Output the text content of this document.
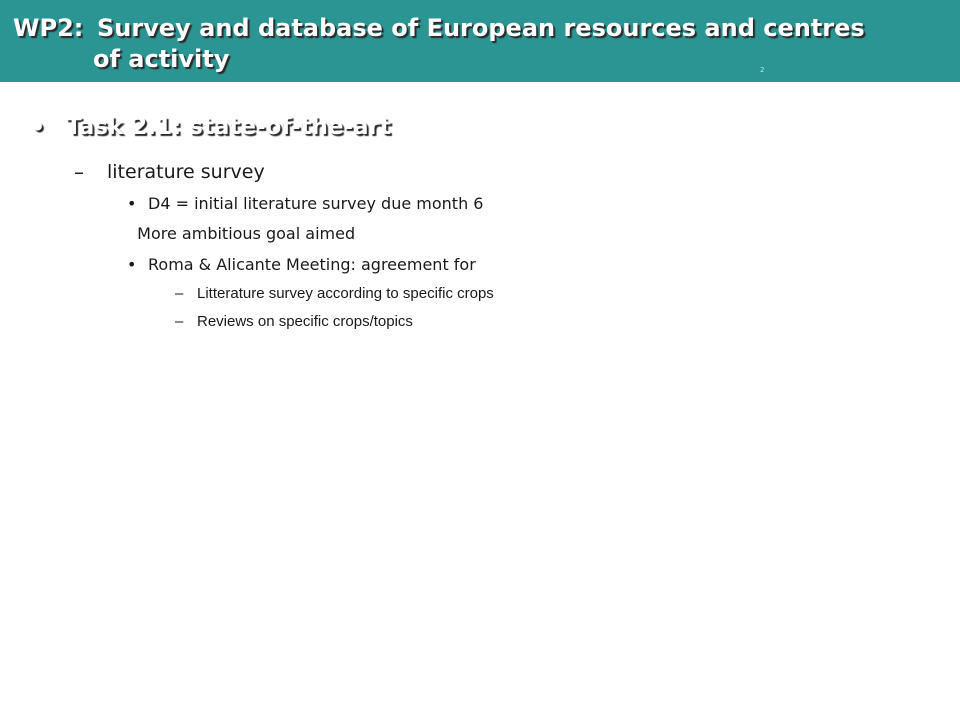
WP2: Survey and database of European resources and centres
of activity	2
• Task 2.1: state-of-the-art
– literature survey
• D4 = initial literature survey due month 6
More ambitious goal aimed
• Roma & Alicante Meeting: agreement for
– Litterature survey according to specific crops
– Reviews on specific crops/topics
